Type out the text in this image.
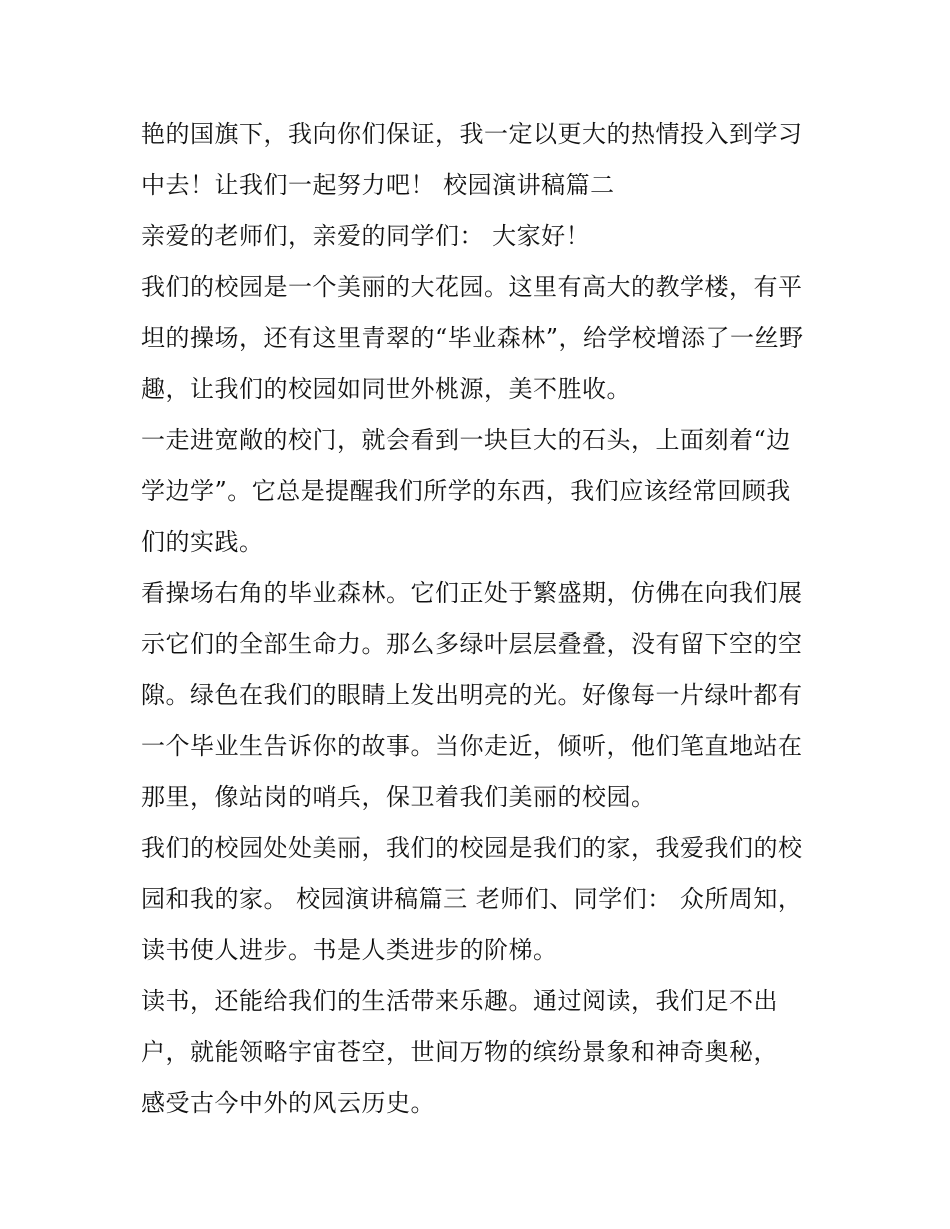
艳的国旗下，我向你们保证，我一定以更大的热情投入到学习
中去！让我们一起努力吧！ 校园演讲稿篇二
亲爱的老师们，亲爱的同学们： 大家好！
我们的校园是一个美丽的大花园。这里有高大的教学楼，有平
坦的操场，还有这里青翠的“毕业森林”，给学校增添了一丝野
趣，让我们的校园如同世外桃源，美不胜收。
一走进宽敞的校门，就会看到一块巨大的石头，上面刻着“边
学边学”。它总是提醒我们所学的东西，我们应该经常回顾我
们的实践。
看操场右角的毕业森林。它们正处于繁盛期，仿佛在向我们展
示它们的全部生命力。那么多绿叶层层叠叠，没有留下空的空
隙。绿色在我们的眼睛上发出明亮的光。好像每一片绿叶都有
一个毕业生告诉你的故事。当你走近，倾听，他们笔直地站在
那里，像站岗的哨兵，保卫着我们美丽的校园。
我们的校园处处美丽，我们的校园是我们的家，我爱我们的校
园和我的家。 校园演讲稿篇三 老师们、同学们： 众所周知，
读书使人进步。书是人类进步的阶梯。
读书，还能给我们的生活带来乐趣。通过阅读，我们足不出
户，就能领略宇宙苍空，世间万物的缤纷景象和神奇奥秘，
感受古今中外的风云历史。
